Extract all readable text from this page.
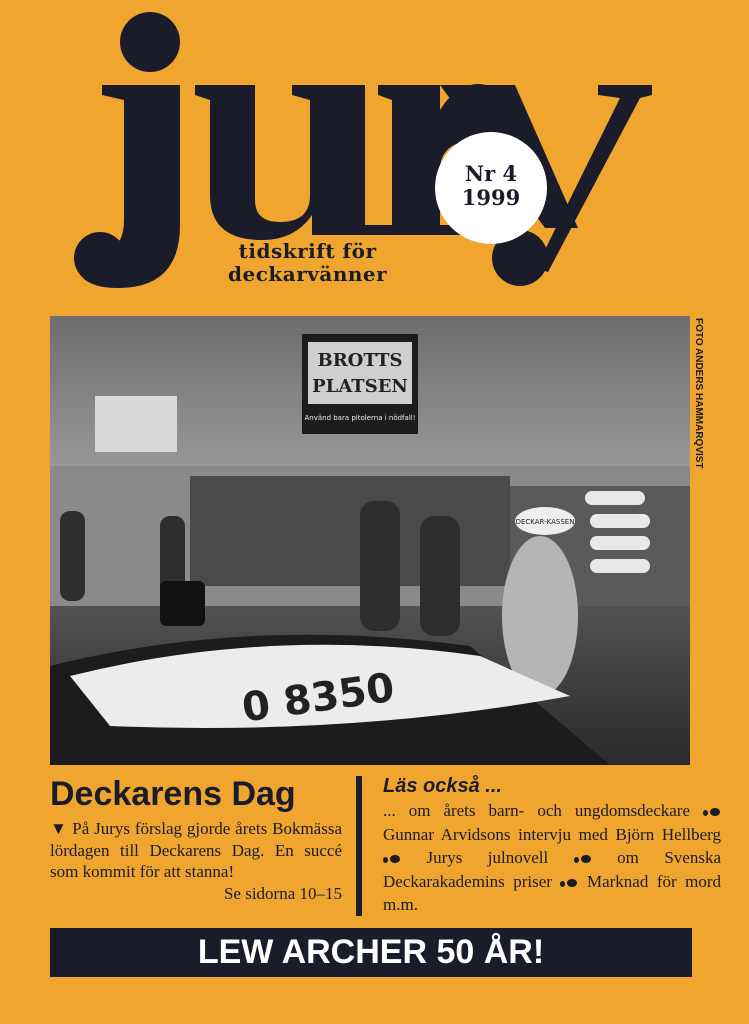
Nr 4
1999
tidskrift för
deckarvänner
BROTTS
PLATSEN
Använd bara pitolerna i nödfall!
DECKAR-KASSEN
0 8350
FOTO ANDERS HAMMARQVIST
Deckarens Dag
▼ På Jurys förslag gjorde årets Bokmässa lördagen till Deckarens Dag. En succé som kommit för att stanna!
Se sidorna 10–15
Läs också ...
... om årets barn- och ungdomsdeckare  Gunnar Arvidsons intervju med Björn Hellberg  Jurys julnovell	om Svenska Deckarakademins priser Marknad för mord m.m.
LEW ARCHER 50 ÅR!
